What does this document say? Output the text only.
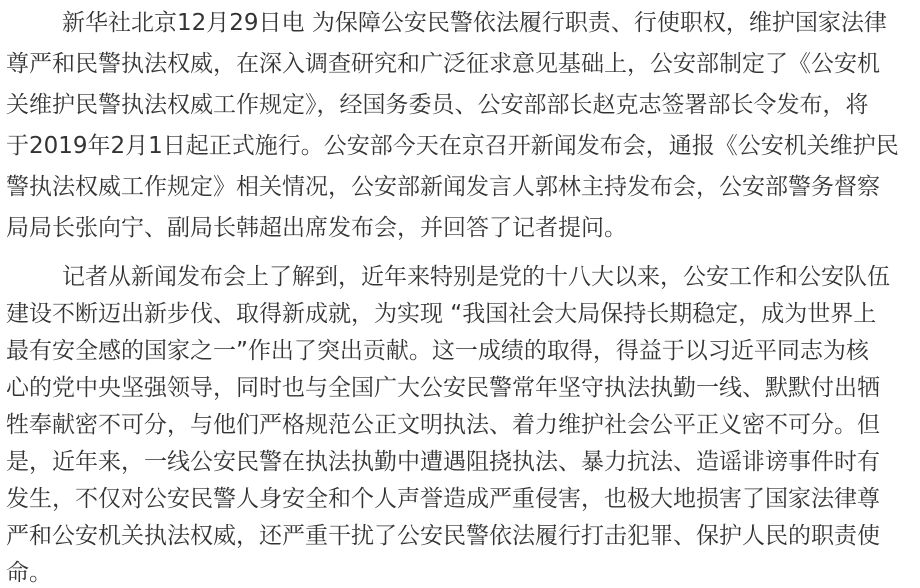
新华社北京12月29日电 为保障公安民警依法履行职责、行使职权，维护国家法律
尊严和民警执法权威，在深入调查研究和广泛征求意见基础上，公安部制定了《公安机
关维护民警执法权威工作规定》，经国务委员、公安部部长赵克志签署部长令发布，将
于2019年2月1日起正式施行。公安部今天在京召开新闻发布会，通报《公安机关维护民
警执法权威工作规定》相关情况，公安部新闻发言人郭林主持发布会，公安部警务督察
局局长张向宁、副局长韩超出席发布会，并回答了记者提问。
记者从新闻发布会上了解到，近年来特别是党的十八大以来，公安工作和公安队伍
建设不断迈出新步伐、取得新成就，为实现 “我国社会大局保持长期稳定，成为世界上
最有安全感的国家之一”作出了突出贡献。这一成绩的取得，得益于以习近平同志为核
心的党中央坚强领导，同时也与全国广大公安民警常年坚守执法执勤一线、默默付出牺
牲奉献密不可分，与他们严格规范公正文明执法、着力维护社会公平正义密不可分。但
是，近年来，一线公安民警在执法执勤中遭遇阻挠执法、暴力抗法、造谣诽谤事件时有
发生，不仅对公安民警人身安全和个人声誉造成严重侵害，也极大地损害了国家法律尊
严和公安机关执法权威，还严重干扰了公安民警依法履行打击犯罪、保护人民的职责使
命。
